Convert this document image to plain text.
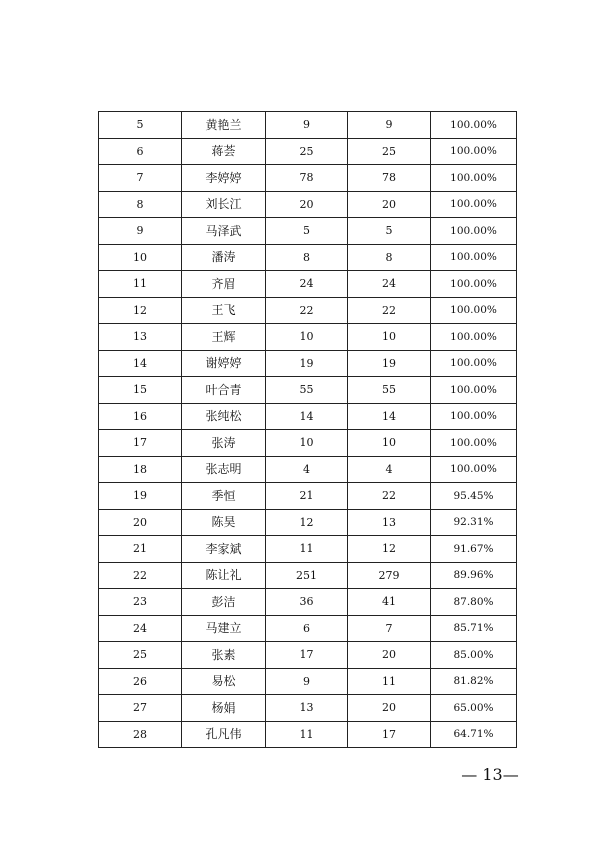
5	黄艳兰	9	9	100.00%
6	蒋荟	25	25	100.00%
7	李婷婷	78	78	100.00%
8	刘长江	20	20	100.00%
9	马泽武	5	5	100.00%
10	潘涛	8	8	100.00%
11	齐眉	24	24	100.00%
12	王飞	22	22	100.00%
13	王辉	10	10	100.00%
14	谢婷婷	19	19	100.00%
15	叶合青	55	55	100.00%
16	张纯松	14	14	100.00%
17	张涛	10	10	100.00%
18	张志明	4	4	100.00%
19	季恒	21	22	95.45%
20	陈昊	12	13	92.31%
21	李家斌	11	12	91.67%
22	陈让礼	251	279	89.96%
23	彭洁	36	41	87.80%
24	马建立	6	7	85.71%
25	张素	17	20	85.00%
26	易松	9	11	81.82%
27	杨娟	13	20	65.00%
28	孔凡伟	11	17	64.71%
— 13—
